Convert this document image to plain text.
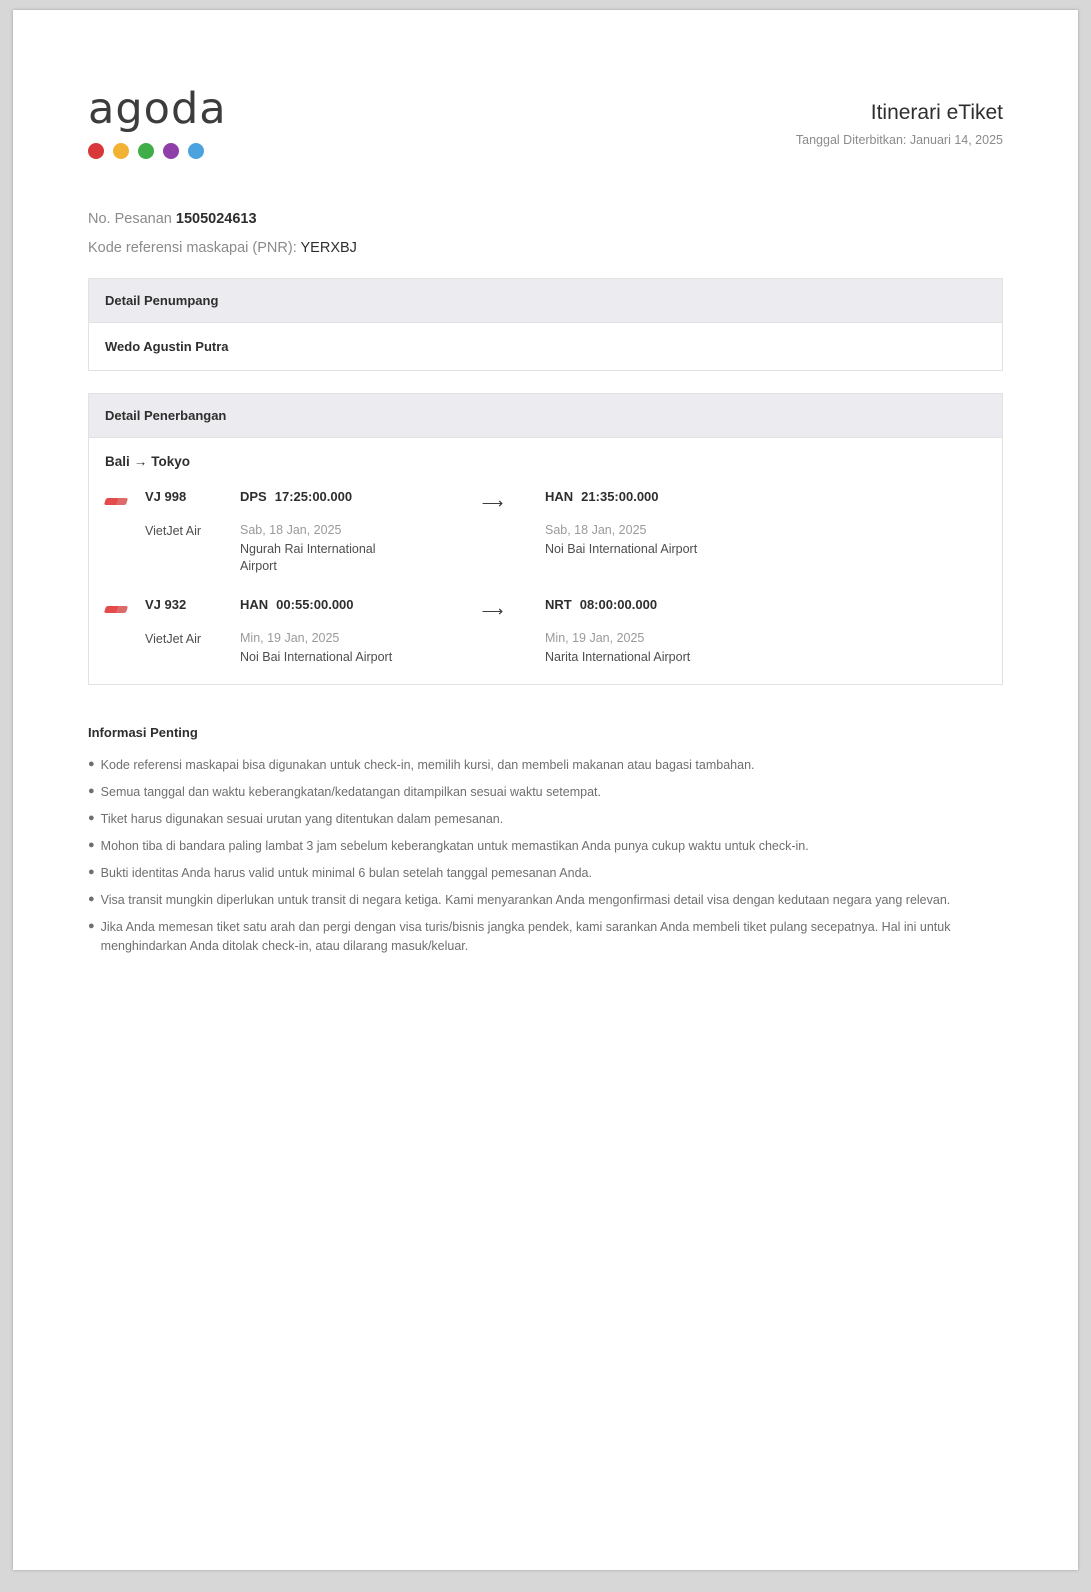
agoda	Itinerari eTiket
Tanggal Diterbitkan: Januari 14, 2025
No. Pesanan 1505024613
Kode referensi maskapai (PNR): YERXBJ
Detail Penumpang
Wedo Agustin Putra
Detail Penerbangan
Bali → Tokyo
VJ 998
VietJet Air
DPS 17:25:00.000
Sab, 18 Jan, 2025
Ngurah Rai International Airport
⟶	HAN 21:35:00.000
Sab, 18 Jan, 2025
Noi Bai International Airport
VJ 932
VietJet Air
HAN 00:55:00.000
Min, 19 Jan, 2025
Noi Bai International Airport
⟶	NRT 08:00:00.000
Min, 19 Jan, 2025
Narita International Airport
Informasi Penting
● Kode referensi maskapai bisa digunakan untuk check-in, memilih kursi, dan membeli makanan atau bagasi tambahan.
● Semua tanggal dan waktu keberangkatan/kedatangan ditampilkan sesuai waktu setempat.
● Tiket harus digunakan sesuai urutan yang ditentukan dalam pemesanan.
● Mohon tiba di bandara paling lambat 3 jam sebelum keberangkatan untuk memastikan Anda punya cukup waktu untuk check-in.
● Bukti identitas Anda harus valid untuk minimal 6 bulan setelah tanggal pemesanan Anda.
● Visa transit mungkin diperlukan untuk transit di negara ketiga. Kami menyarankan Anda mengonfirmasi detail visa dengan kedutaan negara yang relevan.
● Jika Anda memesan tiket satu arah dan pergi dengan visa turis/bisnis jangka pendek, kami sarankan Anda membeli tiket pulang secepatnya. Hal ini untuk menghindarkan Anda ditolak check-in, atau dilarang masuk/keluar.
